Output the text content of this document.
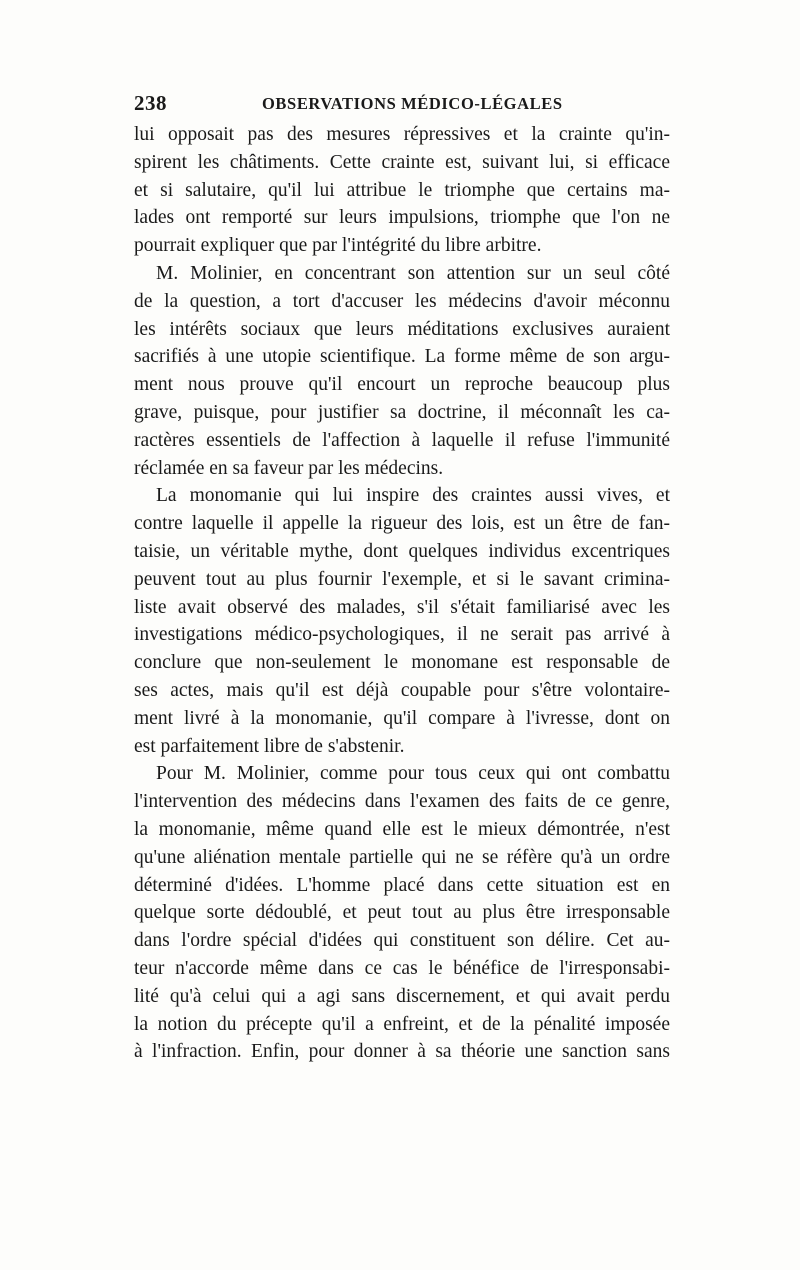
238	OBSERVATIONS MÉDICO-LÉGALES
lui opposait pas des mesures répressives et la crainte qu'in-
spirent les châtiments. Cette crainte est, suivant lui, si efficace
et si salutaire, qu'il lui attribue le triomphe que certains ma-
lades ont remporté sur leurs impulsions, triomphe que l'on ne
pourrait expliquer que par l'intégrité du libre arbitre.
M. Molinier, en concentrant son attention sur un seul côté
de la question, a tort d'accuser les médecins d'avoir méconnu
les intérêts sociaux que leurs méditations exclusives auraient
sacrifiés à une utopie scientifique. La forme même de son argu-
ment nous prouve qu'il encourt un reproche beaucoup plus
grave, puisque, pour justifier sa doctrine, il méconnaît les ca-
ractères essentiels de l'affection à laquelle il refuse l'immunité
réclamée en sa faveur par les médecins.
La monomanie qui lui inspire des craintes aussi vives, et
contre laquelle il appelle la rigueur des lois, est un être de fan-
taisie, un véritable mythe, dont quelques individus excentriques
peuvent tout au plus fournir l'exemple, et si le savant crimina-
liste avait observé des malades, s'il s'était familiarisé avec les
investigations médico-psychologiques, il ne serait pas arrivé à
conclure que non-seulement le monomane est responsable de
ses actes, mais qu'il est déjà coupable pour s'être volontaire-
ment livré à la monomanie, qu'il compare à l'ivresse, dont on
est parfaitement libre de s'abstenir.
Pour M. Molinier, comme pour tous ceux qui ont combattu
l'intervention des médecins dans l'examen des faits de ce genre,
la monomanie, même quand elle est le mieux démontrée, n'est
qu'une aliénation mentale partielle qui ne se réfère qu'à un ordre
déterminé d'idées. L'homme placé dans cette situation est en
quelque sorte dédoublé, et peut tout au plus être irresponsable
dans l'ordre spécial d'idées qui constituent son délire. Cet au-
teur n'accorde même dans ce cas le bénéfice de l'irresponsabi-
lité qu'à celui qui a agi sans discernement, et qui avait perdu
la notion du précepte qu'il a enfreint, et de la pénalité imposée
à l'infraction. Enfin, pour donner à sa théorie une sanction sans
